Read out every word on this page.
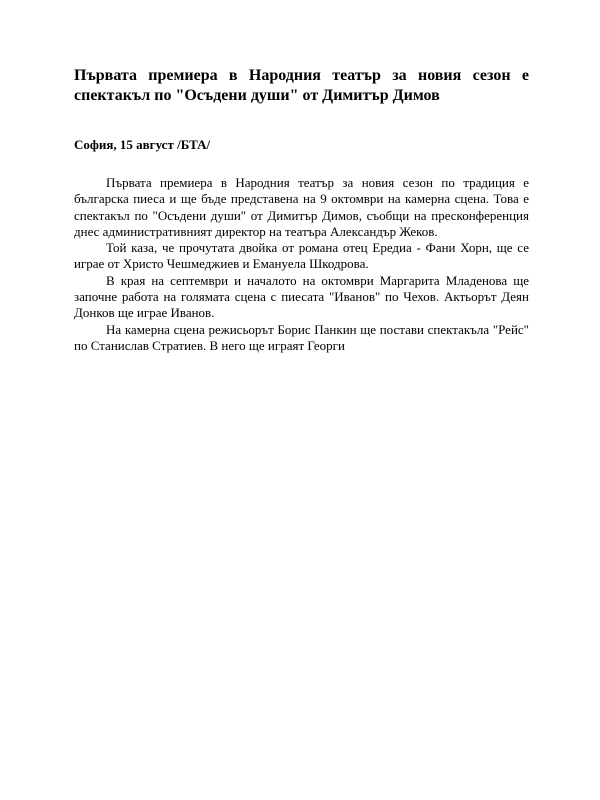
Първата премиера в Народния театър за новия сезон е спектакъл по "Осъдени души" от Димитър Димов

София, 15 август /БТА/

Първата премиера в Народния театър за новия сезон по традиция е българска пиеса и ще бъде представена на 9 октомври на камерна сцена. Това е спектакъл по "Осъдени души" от Димитър Димов, съобщи на пресконференция днес административният директор на театъра Александър Жеков.

Той каза, че прочутата двойка от романа отец Ередиа - Фани Хорн, ще се играе от Христо Чешмеджиев и Емануела Шкодрова.

В края на септември и началото на октомври Маргарита Младенова ще започне работа на голямата сцена с пиесата "Иванов" по Чехов. Актьорът Деян Донков ще играе Иванов.

На камерна сцена режисьорът Борис Панкин ще постави спектакъла "Рейс" по Станислав Стратиев. В него ще играят Георги
